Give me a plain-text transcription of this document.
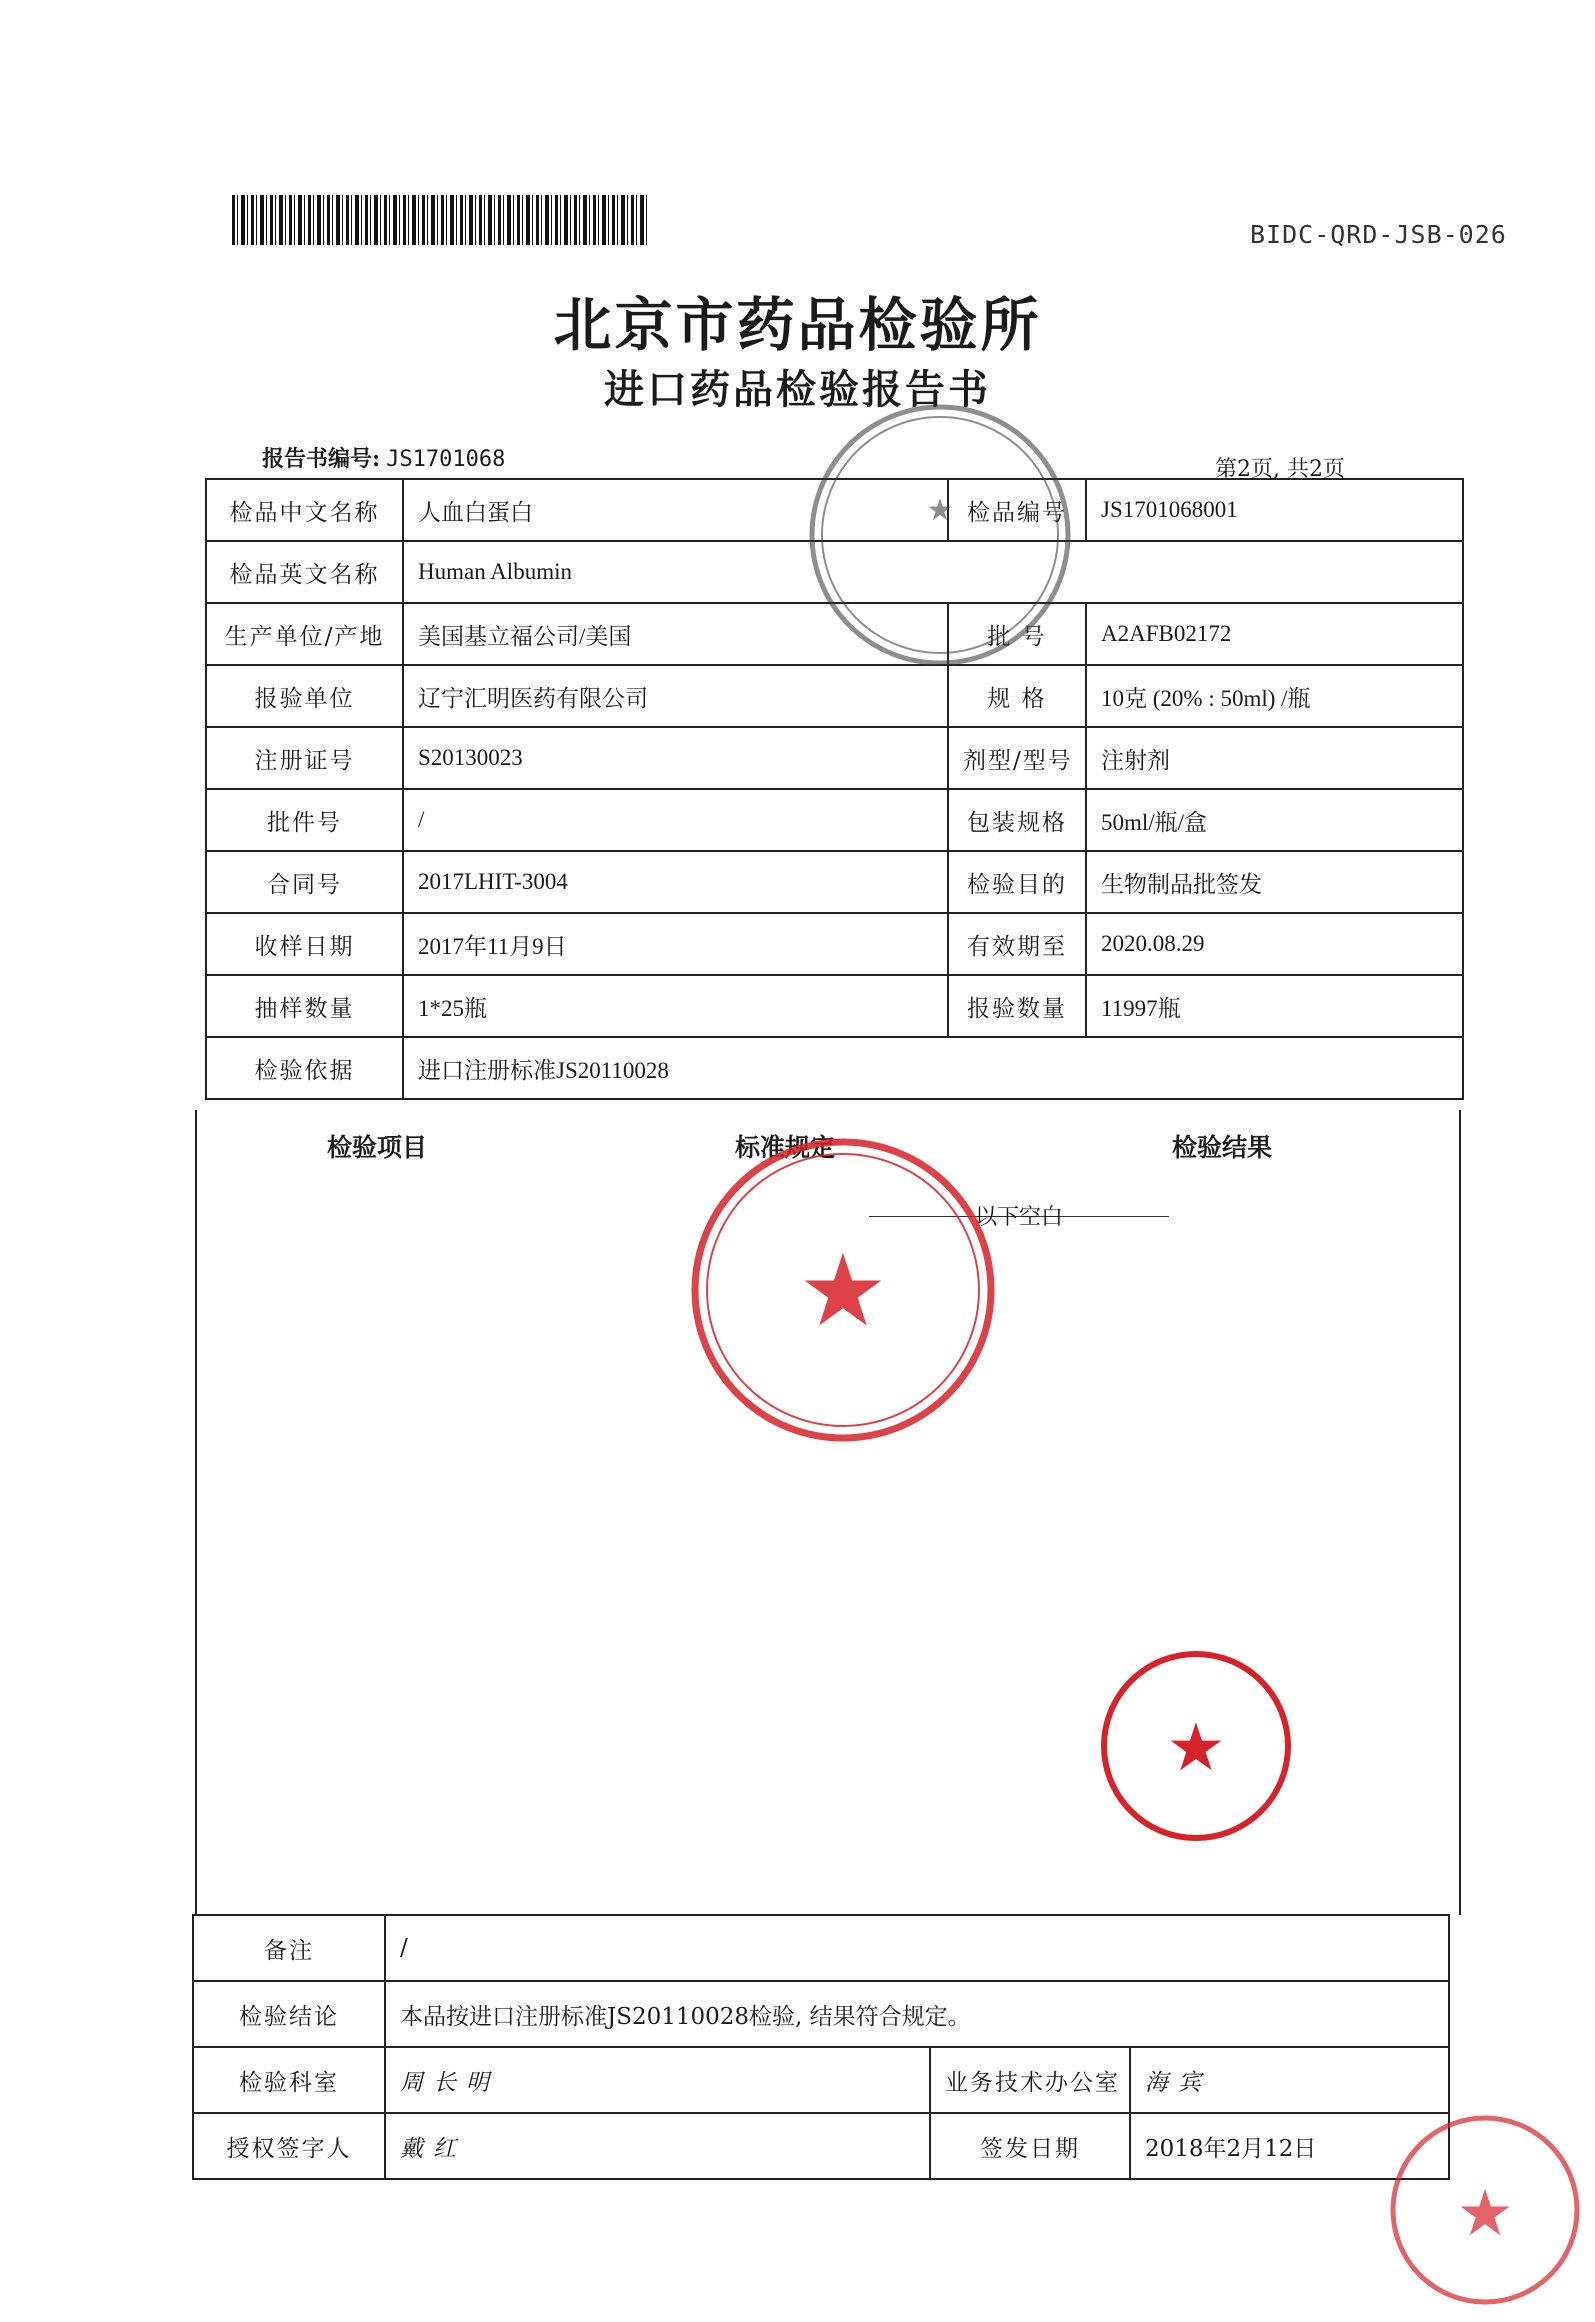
BIDC-QRD-JSB-026
北京市药品检验所
进口药品检验报告书
报告书编号: JS1701068	第2页, 共2页
检品中文名称	人血白蛋白	检品编号	JS1701068001
检品英文名称	Human Albumin		
生产单位/产地	美国基立福公司/美国	批 号	A2AFB02172
报验单位	辽宁汇明医药有限公司	规 格	10克 (20% : 50ml) /瓶
注册证号	S20130023	剂型/型号	注射剂
批件号	/	包装规格	50ml/瓶/盒
合同号	2017LHIT-3004	检验目的	生物制品批签发
收样日期	2017年11月9日	有效期至	2020.08.29
抽样数量	1*25瓶	报验数量	11997瓶
检验依据	进口注册标准JS20110028		
检验项目	标准规定	检验结果
以下空白
备注	/		
检验结论	本品按进口注册标准JS20110028检验, 结果符合规定。		
检验科室	周长明	业务技术办公室	海宾
授权签字人	戴红	签发日期	2018年2月12日
★
★
★
★
